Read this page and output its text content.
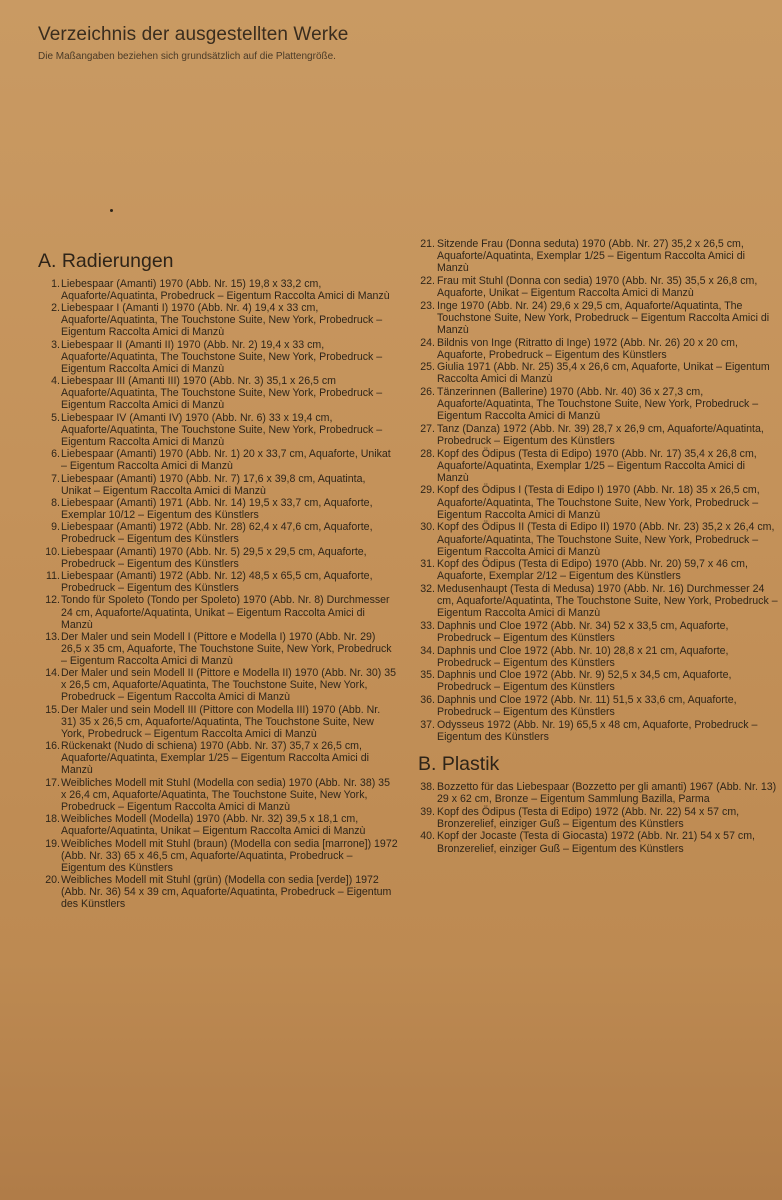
Verzeichnis der ausgestellten Werke
Die Maßangaben beziehen sich grundsätzlich auf die Plattengröße.
A. Radierungen
1. Liebespaar (Amanti) 1970 (Abb. Nr. 15) 19,8 x 33,2 cm, Aquaforte/Aquatinta, Probedruck – Eigentum Raccolta Amici di Manzù
2. Liebespaar I (Amanti I) 1970 (Abb. Nr. 4) 19,4 x 33 cm, Aquaforte/Aquatinta, The Touchstone Suite, New York, Probedruck – Eigentum Raccolta Amici di Manzù
3. Liebespaar II (Amanti II) 1970 (Abb. Nr. 2) 19,4 x 33 cm, Aquaforte/Aquatinta, The Touchstone Suite, New York, Probedruck – Eigentum Raccolta Amici di Manzù
4. Liebespaar III (Amanti III) 1970 (Abb. Nr. 3) 35,1 x 26,5 cm Aquaforte/Aquatinta, The Touchstone Suite, New York, Probedruck – Eigentum Raccolta Amici di Manzù
5. Liebespaar IV (Amanti IV) 1970 (Abb. Nr. 6) 33 x 19,4 cm, Aquaforte/Aquatinta, The Touchstone Suite, New York, Probedruck – Eigentum Raccolta Amici di Manzù
6. Liebespaar (Amanti) 1970 (Abb. Nr. 1) 20 x 33,7 cm, Aquaforte, Unikat – Eigentum Raccolta Amici di Manzù
7. Liebespaar (Amanti) 1970 (Abb. Nr. 7) 17,6 x 39,8 cm, Aquatinta, Unikat – Eigentum Raccolta Amici di Manzù
8. Liebespaar (Amanti) 1971 (Abb. Nr. 14) 19,5 x 33,7 cm, Aquaforte, Exemplar 10/12 – Eigentum des Künstlers
9. Liebespaar (Amanti) 1972 (Abb. Nr. 28) 62,4 x 47,6 cm, Aquaforte, Probedruck – Eigentum des Künstlers
10. Liebespaar (Amanti) 1970 (Abb. Nr. 5) 29,5 x 29,5 cm, Aquaforte, Probedruck – Eigentum des Künstlers
11. Liebespaar (Amanti) 1972 (Abb. Nr. 12) 48,5 x 65,5 cm, Aquaforte, Probedruck – Eigentum des Künstlers
12. Tondo für Spoleto (Tondo per Spoleto) 1970 (Abb. Nr. 8) Durchmesser 24 cm, Aquaforte/Aquatinta, Unikat – Eigentum Raccolta Amici di Manzù
13. Der Maler und sein Modell I (Pittore e Modella I) 1970 (Abb. Nr. 29) 26,5 x 35 cm, Aquaforte, The Touchstone Suite, New York, Probedruck – Eigentum Raccolta Amici di Manzù
14. Der Maler und sein Modell II (Pittore e Modella II) 1970 (Abb. Nr. 30) 35 x 26,5 cm, Aquaforte/Aquatinta, The Touchstone Suite, New York, Probedruck – Eigentum Raccolta Amici di Manzù
15. Der Maler und sein Modell III (Pittore con Modella III) 1970 (Abb. Nr. 31) 35 x 26,5 cm, Aquaforte/Aquatinta, The Touchstone Suite, New York, Probedruck – Eigentum Raccolta Amici di Manzù
16. Rückenakt (Nudo di schiena) 1970 (Abb. Nr. 37) 35,7 x 26,5 cm, Aquaforte/Aquatinta, Exemplar 1/25 – Eigentum Raccolta Amici di Manzù
17. Weibliches Modell mit Stuhl (Modella con sedia) 1970 (Abb. Nr. 38) 35 x 26,4 cm, Aquaforte/Aquatinta, The Touchstone Suite, New York, Probedruck – Eigentum Raccolta Amici di Manzù
18. Weibliches Modell (Modella) 1970 (Abb. Nr. 32) 39,5 x 18,1 cm, Aquaforte/Aquatinta, Unikat – Eigentum Raccolta Amici di Manzù
19. Weibliches Modell mit Stuhl (braun) (Modella con sedia [marrone]) 1972 (Abb. Nr. 33) 65 x 46,5 cm, Aquaforte/Aquatinta, Probedruck – Eigentum des Künstlers
20. Weibliches Modell mit Stuhl (grün) (Modella con sedia [verde]) 1972 (Abb. Nr. 36) 54 x 39 cm, Aquaforte/Aquatinta, Probedruck – Eigentum des Künstlers
21. Sitzende Frau (Donna seduta) 1970 (Abb. Nr. 27) 35,2 x 26,5 cm, Aquaforte/Aquatinta, Exemplar 1/25 – Eigentum Raccolta Amici di Manzù
22. Frau mit Stuhl (Donna con sedia) 1970 (Abb. Nr. 35) 35,5 x 26,8 cm, Aquaforte, Unikat – Eigentum Raccolta Amici di Manzù
23. Inge 1970 (Abb. Nr. 24) 29,6 x 29,5 cm, Aquaforte/Aquatinta, The Touchstone Suite, New York, Probedruck – Eigentum Raccolta Amici di Manzù
24. Bildnis von Inge (Ritratto di Inge) 1972 (Abb. Nr. 26) 20 x 20 cm, Aquaforte, Probedruck – Eigentum des Künstlers
25. Giulia 1971 (Abb. Nr. 25) 35,4 x 26,6 cm, Aquaforte, Unikat – Eigentum Raccolta Amici di Manzù
26. Tänzerinnen (Ballerine) 1970 (Abb. Nr. 40) 36 x 27,3 cm, Aquaforte/Aquatinta, The Touchstone Suite, New York, Probedruck – Eigentum Raccolta Amici di Manzù
27. Tanz (Danza) 1972 (Abb. Nr. 39) 28,7 x 26,9 cm, Aquaforte/Aquatinta, Probedruck – Eigentum des Künstlers
28. Kopf des Ödipus (Testa di Edipo) 1970 (Abb. Nr. 17) 35,4 x 26,8 cm, Aquaforte/Aquatinta, Exemplar 1/25 – Eigentum Raccolta Amici di Manzù
29. Kopf des Ödipus I (Testa di Edipo I) 1970 (Abb. Nr. 18) 35 x 26,5 cm, Aquaforte/Aquatinta, The Touchstone Suite, New York, Probedruck – Eigentum Raccolta Amici di Manzù
30. Kopf des Ödipus II (Testa di Edipo II) 1970 (Abb. Nr. 23) 35,2 x 26,4 cm, Aquaforte/Aquatinta, The Touchstone Suite, New York, Probedruck – Eigentum Raccolta Amici di Manzù
31. Kopf des Ödipus (Testa di Edipo) 1970 (Abb. Nr. 20) 59,7 x 46 cm, Aquaforte, Exemplar 2/12 – Eigentum des Künstlers
32. Medusenhaupt (Testa di Medusa) 1970 (Abb. Nr. 16) Durchmesser 24 cm, Aquaforte/Aquatinta, The Touchstone Suite, New York, Probedruck – Eigentum Raccolta Amici di Manzù
33. Daphnis und Cloe 1972 (Abb. Nr. 34) 52 x 33,5 cm, Aquaforte, Probedruck – Eigentum des Künstlers
34. Daphnis und Cloe 1972 (Abb. Nr. 10) 28,8 x 21 cm, Aquaforte, Probedruck – Eigentum des Künstlers
35. Daphnis und Cloe 1972 (Abb. Nr. 9) 52,5 x 34,5 cm, Aquaforte, Probedruck – Eigentum des Künstlers
36. Daphnis und Cloe 1972 (Abb. Nr. 11) 51,5 x 33,6 cm, Aquaforte, Probedruck – Eigentum des Künstlers
37. Odysseus 1972 (Abb. Nr. 19) 65,5 x 48 cm, Aquaforte, Probedruck – Eigentum des Künstlers
B. Plastik
38. Bozzetto für das Liebespaar (Bozzetto per gli amanti) 1967 (Abb. Nr. 13) 29 x 62 cm, Bronze – Eigentum Sammlung Bazilla, Parma
39. Kopf des Ödipus (Testa di Edipo) 1972 (Abb. Nr. 22) 54 x 57 cm, Bronzerelief, einziger Guß – Eigentum des Künstlers
40. Kopf der Jocaste (Testa di Giocasta) 1972 (Abb. Nr. 21) 54 x 57 cm, Bronzerelief, einziger Guß – Eigentum des Künstlers
